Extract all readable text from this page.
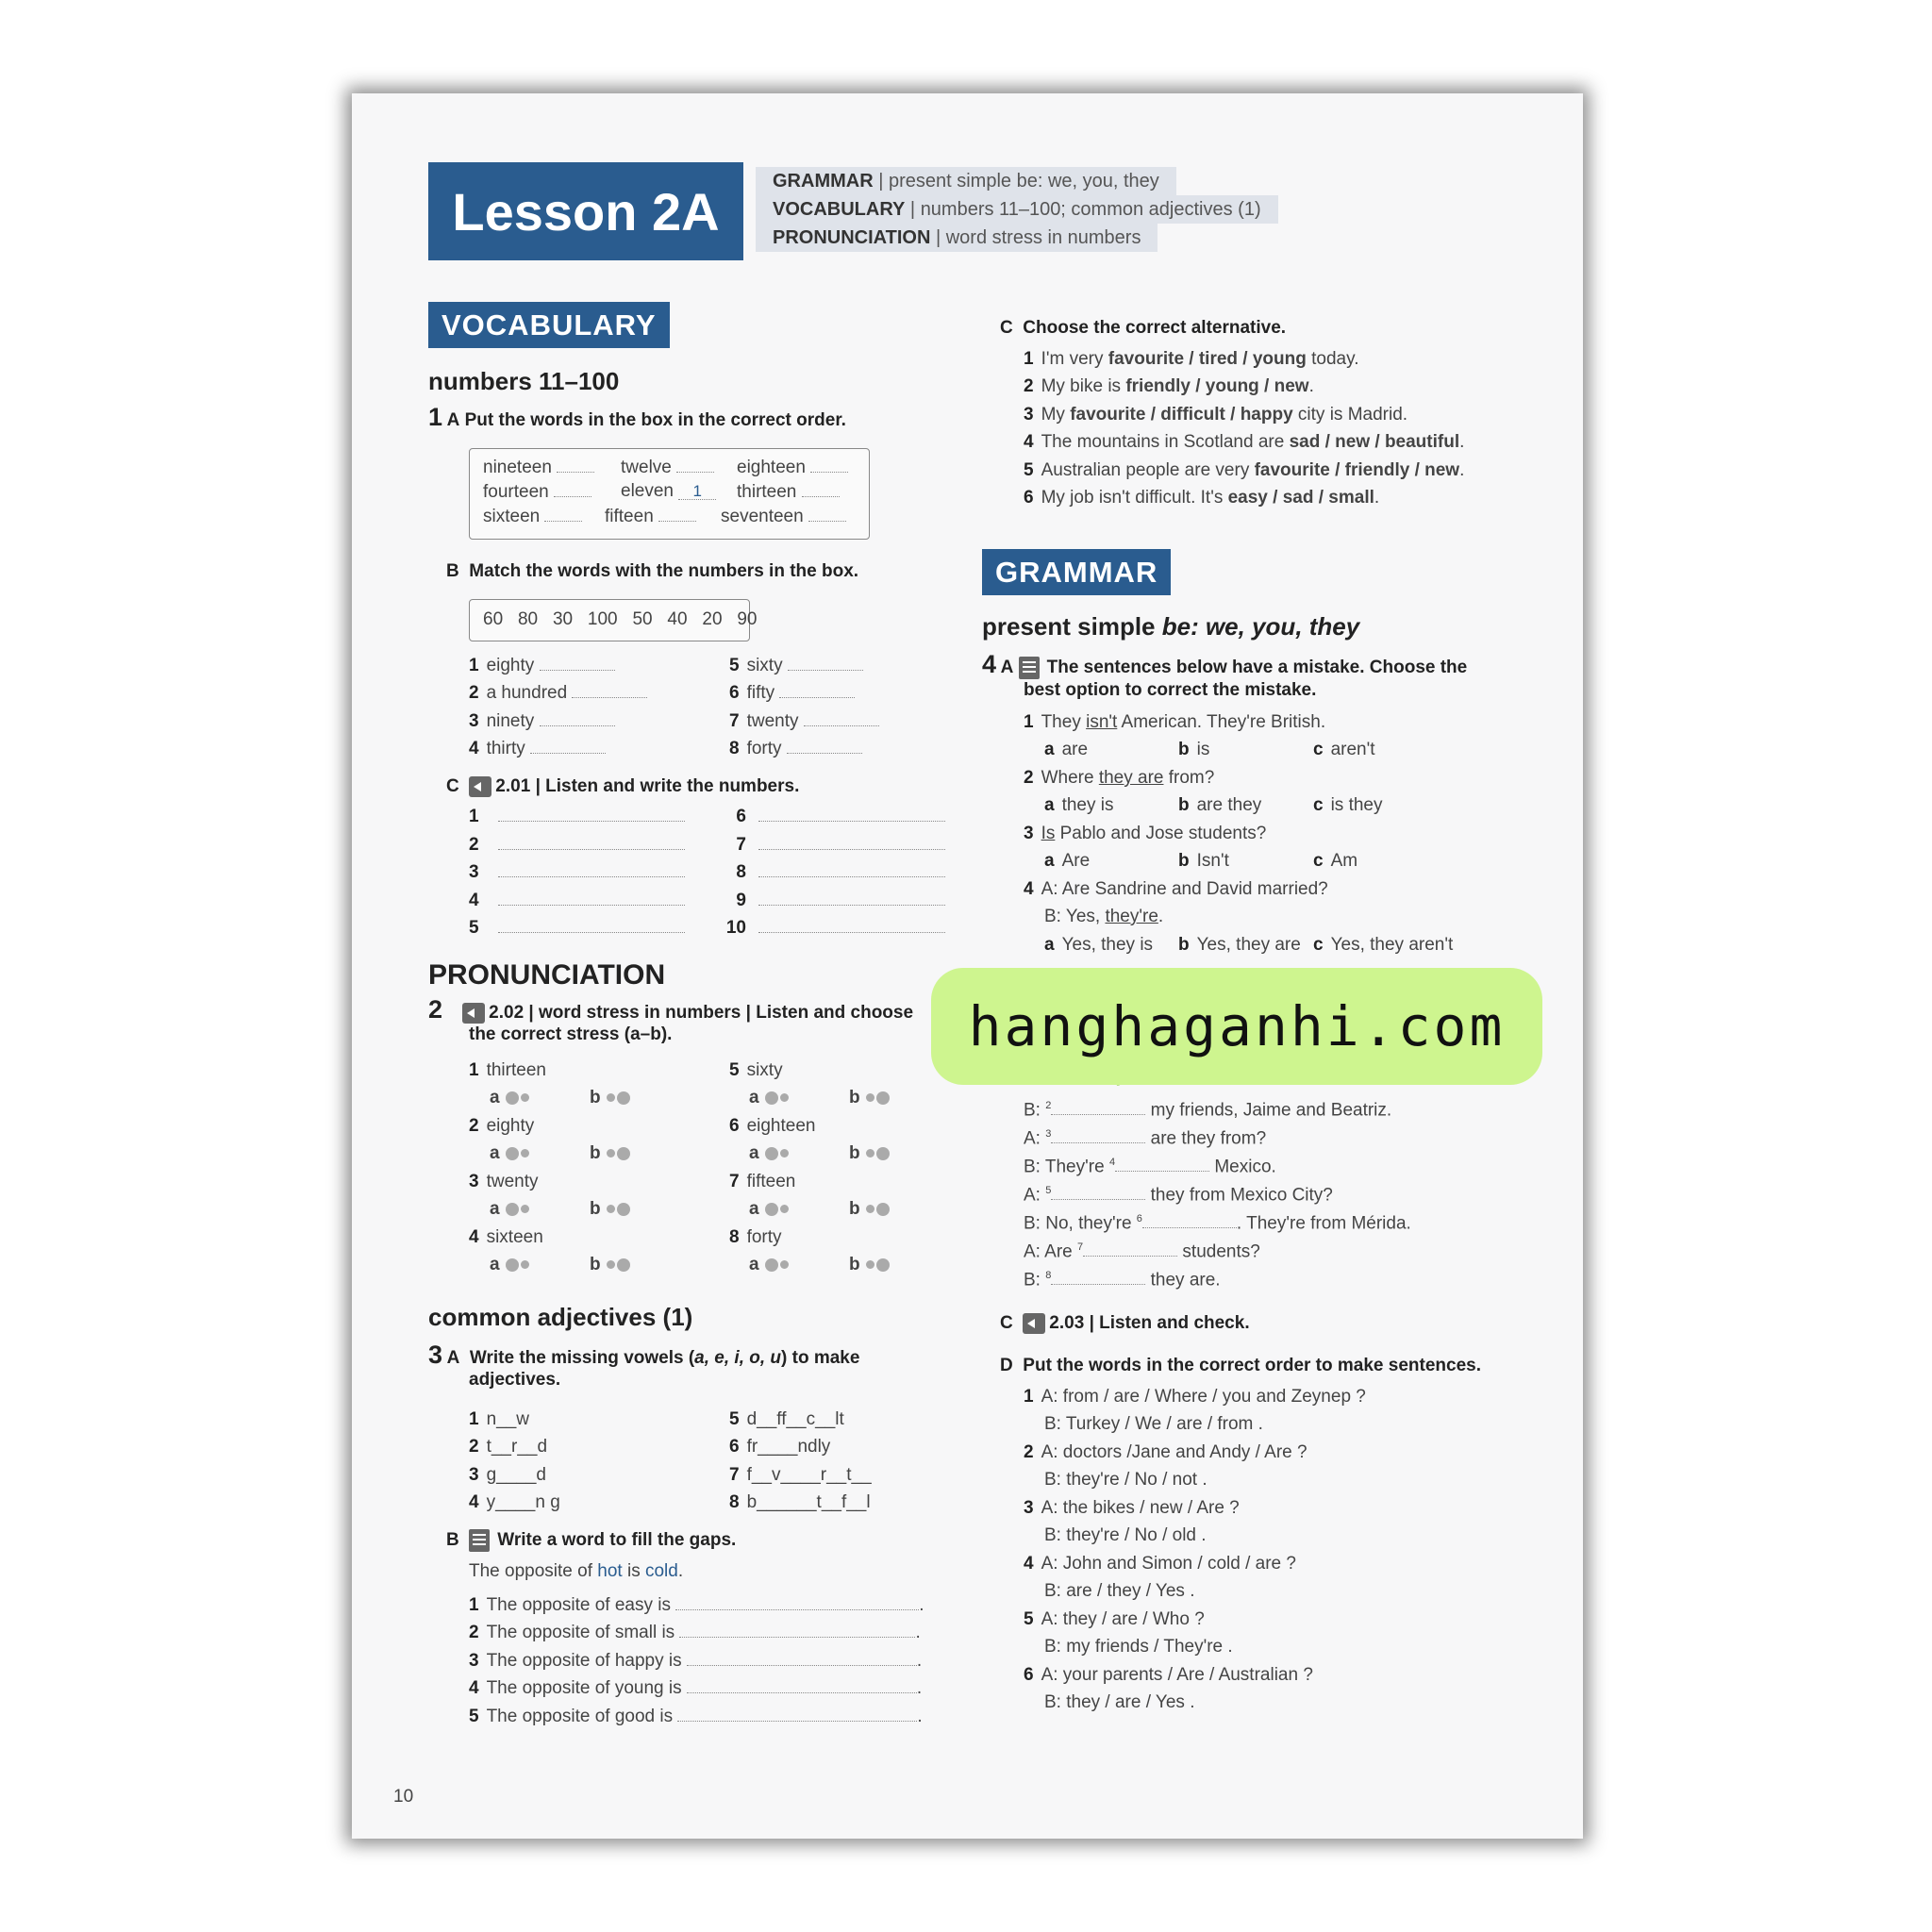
Lesson 2A
GRAMMAR | present simple be: we, you, they
VOCABULARY | numbers 11–100; common adjectives (1)
PRONUNCIATION | word stress in numbers
VOCABULARY
numbers 11–100
1 A Put the words in the box in the correct order.
nineteen	twelve	eighteen
fourteen	eleven 1	thirteen
sixteen	fifteen	seventeen
B Match the words with the numbers in the box.
60   80   30   100   50   40   20   90
1 eighty
2 a hundred
3 ninety
4 thirty
5 sixty
6 fifty
7 twenty
8 forty
C 2.01 | Listen and write the numbers.
1
2
3
4
5
6
7
8
9
10
PRONUNCIATION
2	2.02 | word stress in numbers | Listen and choose
the correct stress (a–b).
1 thirteen
a	b
2 eighty
a	b
3 twenty
a	b
4 sixteen
a	b
5 sixty
a	b
6 eighteen
a	b
7 fifteen
a	b
8 forty
a	b
common adjectives (1)
3 A Write the missing vowels (a, e, i, o, u) to make
adjectives.
1 n__w
2 t__r__d
3 g____d
4 y____n g
5 d__ff__c__lt
6 fr____ndly
7 f__v____r__t__
8 b______t__f__l
B Write a word to fill the gaps.
The opposite of hot is cold.
1 The opposite of easy is	.
2 The opposite of small is	.
3 The opposite of happy is	.
4 The opposite of young is	.
5 The opposite of good is	.
C Choose the correct alternative.
1 I'm very favourite / tired / young today.
2 My bike is friendly / young / new.
3 My favourite / difficult / happy city is Madrid.
4 The mountains in Scotland are sad / new / beautiful.
5 Australian people are very favourite / friendly / new.
6 My job isn't difficult. It's easy / sad / small.
GRAMMAR
present simple be: we, you, they
4 A The sentences below have a mistake. Choose the
best option to correct the mistake.
1 They isn't American. They're British.
a are	b is	c aren't
2 Where they are from?
a they is	b are they	c is they
3 Is Pablo and Jose students?
a Are	b Isn't	c Am
4 A: Are Sandrine and David married?
B: Yes, they're.
a Yes, they is b Yes, they are c Yes, they aren't
B: $^2$	my friends, Jaime and Beatriz.
A: $^3$	are they from?
B: They're $^4$	Mexico.
A: $^5$	they from Mexico City?
B: No, they're $^6$	. They're from Mérida.
A: Are $^7$	students?
B: $^8$	they are.
C 2.03 | Listen and check.
D Put the words in the correct order to make sentences.
1 A: from / are / Where / you and Zeynep ?
B: Turkey / We / are / from .
2 A: doctors /Jane and Andy / Are ?
B: they're / No / not .
3 A: the bikes / new / Are ?
B: they're / No / old .
4 A: John and Simon / cold / are ?
B: are / they / Yes .
5 A: they / are / Who ?
B: my friends / They're .
6 A: your parents / Are / Australian ?
B: they / are / Yes .
10
hanghaganhi.com
